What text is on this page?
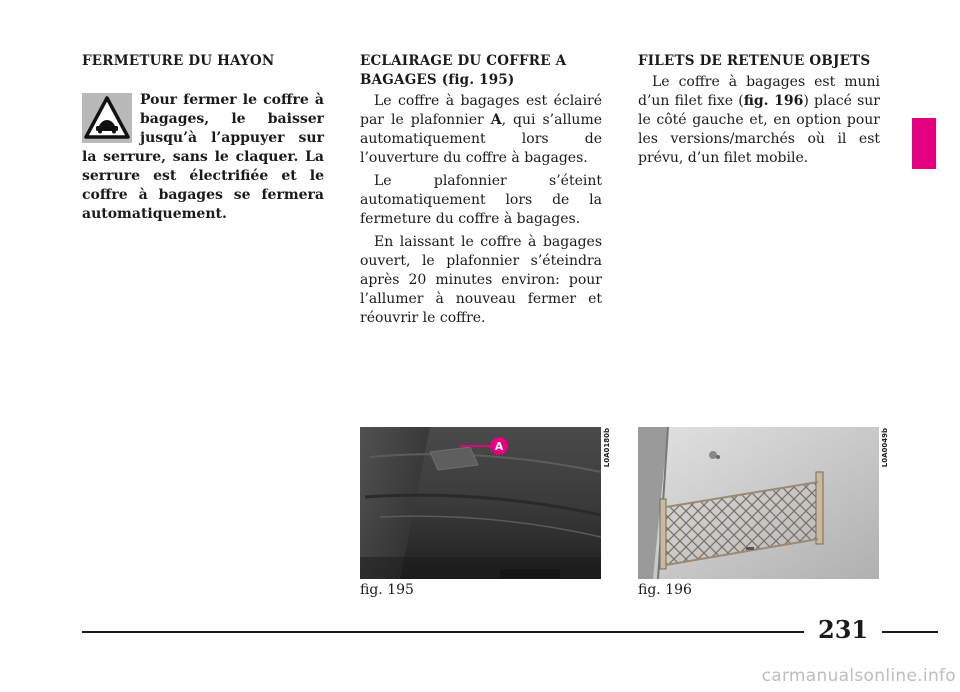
FERMETURE DU HAYON
Pour fermer le coffre à bagages, le baisser jusqu’à l’appuyer sur la serrure, sans le claquer. La serrure est électrifiée et le coffre à bagages se fermera automatiquement.
ECLAIRAGE DU COFFRE A
BAGAGES (fig. 195)

Le coffre à bagages est éclairé par le plafonnier A, qui s’allume automatiquement lors de l’ouverture du coffre à bagages.

Le plafonnier s’éteint automatiquement lors de la fermeture du coffre à bagages.

En laissant le coffre à bagages ouvert, le plafonnier s’éteindra après 20 minutes environ: pour l’allumer à nouveau fermer et réouvrir le coffre.

FILETS DE RETENUE OBJETS

Le coffre à bagages est muni d’un filet fixe (fig. 196) placé sur le côté gauche et, en option pour les versions/marchés où il est prévu, d’un filet mobile.

A	L0A0180b
fig. 195
L0A0049b
fig. 196
231
carmanualsonline.info
